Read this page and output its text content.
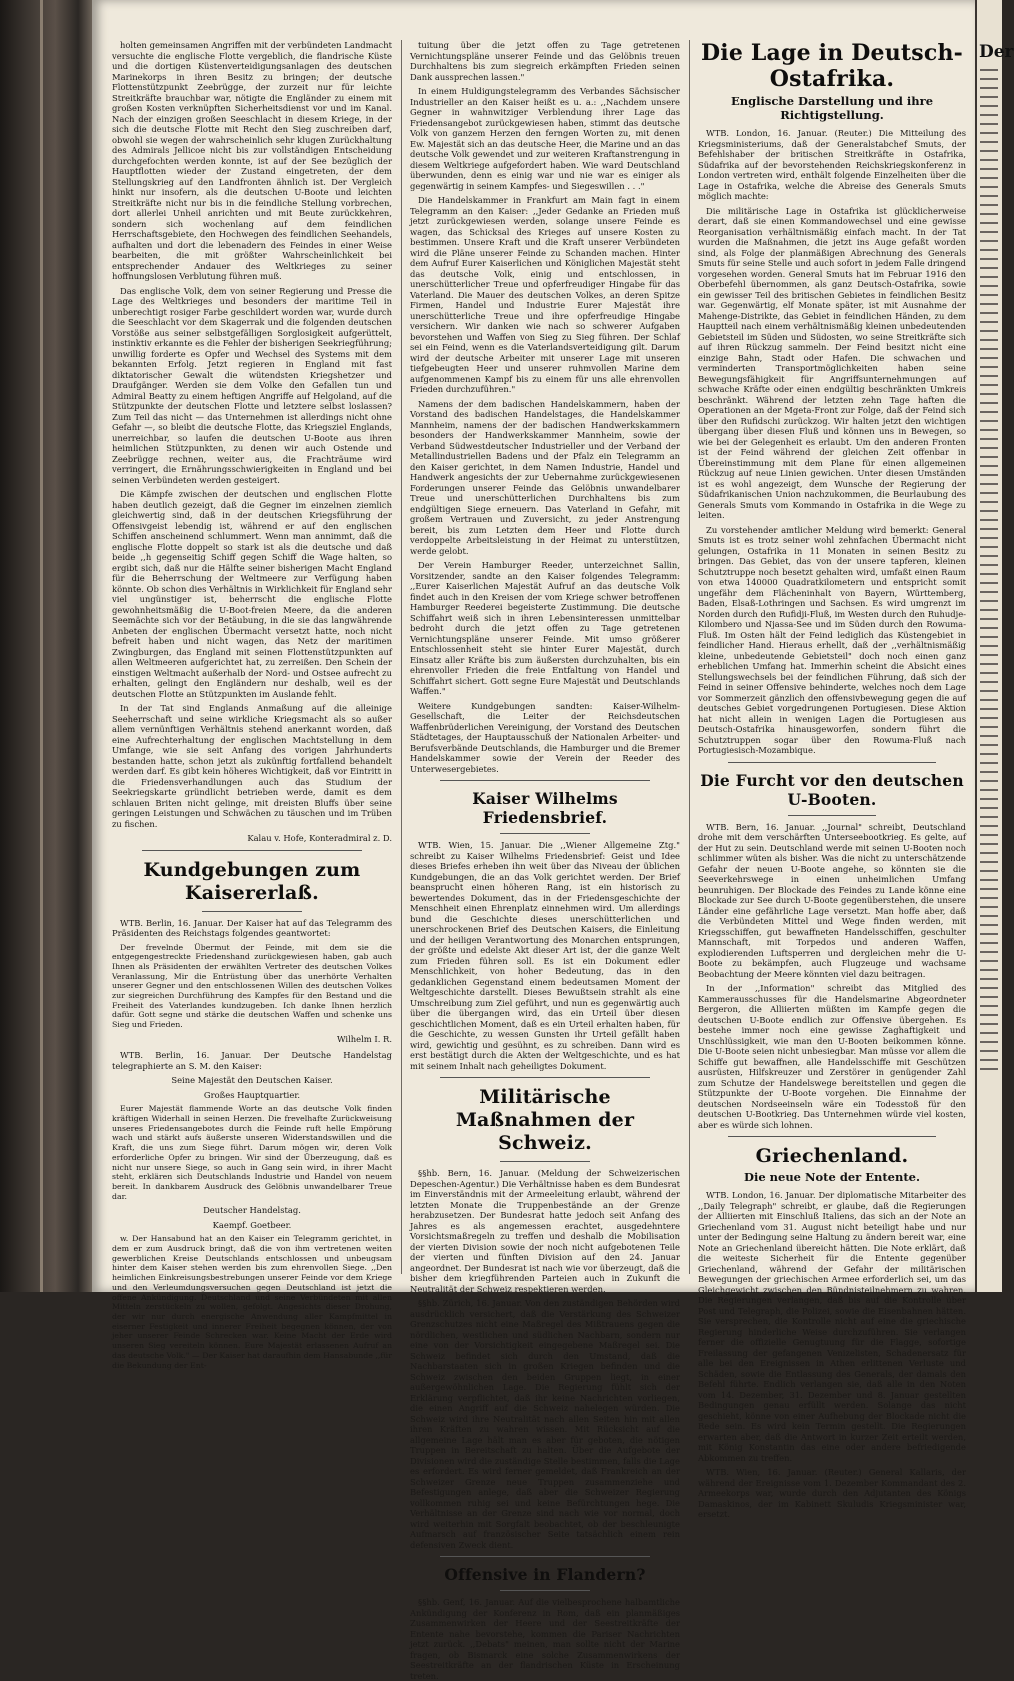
holten gemeinsamen Angriffen mit der verbündeten Landmacht versuchte die englische Flotte vergeblich, die flandrische Küste und die dortigen Küstenverteidigungsanlagen des deutschen Marinekorps in ihren Besitz zu bringen; der deutsche Flottenstützpunkt Zeebrügge, der zurzeit nur für leichte Streitkräfte brauchbar war, nötigte die Engländer zu einem mit großen Kosten verknüpften Sicherheitsdienst vor und im Kanal. Nach der einzigen großen Seeschlacht in diesem Kriege, in der sich die deutsche Flotte mit Recht den Sieg zuschreiben darf, obwohl sie wegen der wahrscheinlich sehr klugen Zurückhaltung des Admirals Jellicoe nicht bis zur vollständigen Entscheidung durchgefochten werden konnte, ist auf der See bezüglich der Hauptflotten wieder der Zustand eingetreten, der dem Stellungskrieg auf den Landfronten ähnlich ist. Der Vergleich hinkt nur insofern, als die deutschen U-Boote und leichten Streitkräfte nicht nur bis in die feindliche Stellung vorbrechen, dort allerlei Unheil anrichten und mit Beute zurückkehren, sondern sich wochenlang auf dem feindlichen Herrschaftsgebiete, den Hochwegen des feindlichen Seehandels, aufhalten und dort die lebenadern des Feindes in einer Weise bearbeiten, die mit größter Wahrscheinlichkeit bei entsprechender Andauer des Weltkrieges zu seiner hoffnungslosen Verblutung führen muß.

Das englische Volk, dem von seiner Regierung und Presse die Lage des Weltkrieges und besonders der maritime Teil in unberechtigt rosiger Farbe geschildert worden war, wurde durch die Seeschlacht vor dem Skagerrak und die folgenden deutschen Vorstöße aus seiner selbstgefälligen Sorglosigkeit aufgerüttelt, instinktiv erkannte es die Fehler der bisherigen Seekriegführung; unwillig forderte es Opfer und Wechsel des Systems mit dem bekannten Erfolg. Jetzt regieren in England mit fast diktatorischer Gewalt die wütendsten Kriegshetzer und Draufgänger. Werden sie dem Volke den Gefallen tun und Admiral Beatty zu einem heftigen Angriffe auf Helgoland, auf die Stützpunkte der deutschen Flotte und letztere selbst loslassen? Zum Teil das nicht — das Unternehmen ist allerdings nicht ohne Gefahr —, so bleibt die deutsche Flotte, das Kriegsziel Englands, unerreichbar, so laufen die deutschen U-Boote aus ihren heimlichen Stützpunkten, zu denen wir auch Ostende und Zeebrügge rechnen, weiter aus, die Frachträume wird verringert, die Ernährungsschwierigkeiten in England und bei seinen Verbündeten werden gesteigert.

Die Kämpfe zwischen der deutschen und englischen Flotte haben deutlich gezeigt, daß die Gegner im einzelnen ziemlich gleichwertig sind, daß in der deutschen Kriegsführung der Offensivgeist lebendig ist, während er auf den englischen Schiffen anscheinend schlummert. Wenn man annimmt, daß die englische Flotte doppelt so stark ist als die deutsche und daß beide ,,h gegenseitig Schiff gegen Schiff die Wage halten, so ergibt sich, daß nur die Hälfte seiner bisherigen Macht England für die Beherrschung der Weltmeere zur Verfügung haben könnte. Ob schon dies Verhältnis in Wirklichkeit für England sehr viel ungünstiger ist, beherrscht die englische Flotte gewohnheitsmäßig die U-Boot-freien Meere, da die anderen Seemächte sich vor der Betäubung, in die sie das langwährende Anbeten der englischen Übermacht versetzt hatte, noch nicht befreit haben und nicht wagen, das Netz der maritimen Zwingburgen, das England mit seinen Flottenstützpunkten auf allen Weltmeeren aufgerichtet hat, zu zerreißen. Den Schein der einstigen Weltmacht außerhalb der Nord- und Ostsee aufrecht zu erhalten, gelingt den Engländern nur deshalb, weil es der deutschen Flotte an Stützpunkten im Auslande fehlt.

In der Tat sind Englands Anmaßung auf die alleinige Seeherrschaft und seine wirkliche Kriegsmacht als so außer allem vernünftigen Verhältnis stehend anerkannt worden, daß eine Aufrechterhaltung der englischen Machtstellung in dem Umfange, wie sie seit Anfang des vorigen Jahrhunderts bestanden hatte, schon jetzt als zukünftig fortfallend behandelt werden darf. Es gibt kein höheres Wichtigkeit, daß vor Eintritt in die Friedensverhandlungen auch das Studium der Seekriegskarte gründlicht betrieben werde, damit es dem schlauen Briten nicht gelinge, mit dreisten Bluffs über seine geringen Leistungen und Schwächen zu täuschen und im Trüben zu fischen.

Kalau v. Hofe, Konteradmiral z. D.

Kundgebungen zum Kaisererlaß.

WTB. Berlin, 16. Januar. Der Kaiser hat auf das Telegramm des Präsidenten des Reichstags folgendes geantwortet:

Der frevelnde Übermut der Feinde, mit dem sie die entgegengestreckte Friedenshand zurückgewiesen haben, gab auch Ihnen als Präsidenten der erwählten Vertreter des deutschen Volkes Veranlassung, Mir die Entrüstung über das unerhörte Verhalten unserer Gegner und den entschlossenen Willen des deutschen Volkes zur siegreichen Durchführung des Kampfes für den Bestand und die Freiheit des Vaterlandes kundzugeben. Ich danke Ihnen herzlich dafür. Gott segne und stärke die deutschen Waffen und schenke uns Sieg und Frieden.

Wilhelm I. R.

WTB. Berlin, 16. Januar. Der Deutsche Handelstag telegraphierte an S. M. den Kaiser:

Seine Majestät den Deutschen Kaiser.

Großes Hauptquartier.

Eurer Majestät flammende Worte an das deutsche Volk finden kräftigen Widerhall in seinen Herzen. Die frevelhafte Zurückweisung unseres Friedensangebotes durch die Feinde ruft helle Empörung wach und stärkt aufs äußerste unseren Widerstandswillen und die Kraft, die uns zum Siege führt. Darum mögen wir, deren Volk erforderliche Opfer zu bringen. Wir sind der Überzeugung, daß es nicht nur unsere Siege, so auch in Gang sein wird, in ihrer Macht steht, erklären sich Deutschlands Industrie und Handel von neuem bereit. In dankbarem Ausdruck des Gelöbnis unwandelbarer Treue dar.

Deutscher Handelstag.

Kaempf. Goetbeer.

w. Der Hansabund hat an den Kaiser ein Telegramm gerichtet, in dem er zum Ausdruck bringt, daß die von ihm vertretenen weiten gewerblichen Kreise Deutschlands entschlossen und unbeugsam hinter dem Kaiser stehen werden bis zum ehrenvollen Siege. ,,Den heimlichen Einkreisungsbestrebungen unserer Feinde vor dem Kriege und den Verleumdungsversuchen gegen Deutschland ist jetzt die offene Ankündigung. Deutschland und seine Verbündeten mit allen Mitteln zerstückeln zu wollen, gefolgt. Angesichts dieser Drohung, der wir nur durch energische Anwendung aller Kampfmittel in eiserner Festigkeit und innerer Freiheit begegnen können, der von jeher unserer Feinde Schrecken war. Keine Macht der Erde wird unseren Sieg vereiteln können. Eure Majestät erlassenen Aufruf an das deutsche Volk." — Der Kaiser hat daraufhin dem Hansabunde ,,für die Bekundung der Ent-

tuitung über die jetzt offen zu Tage getretenen Vernichtungspläne unserer Feinde und das Gelöbnis treuen Durchhaltens bis zum siegreich erkämpften Frieden seinen Dank aussprechen lassen."

In einem Huldigungstelegramm des Verbandes Sächsischer Industrieller an den Kaiser heißt es u. a.: ,,Nachdem unsere Gegner in wahnwitziger Verblendung ihrer Lage das Friedensangebot zurückgewiesen haben, stimmt das deutsche Volk von ganzem Herzen den ferngen Worten zu, mit denen Ew. Majestät sich an das deutsche Heer, die Marine und an das deutsche Volk gewendet und zur weiteren Kraftanstrengung in diesem Weltkriege aufgefordert haben. Wie ward Deutschland überwunden, denn es einig war und nie war es einiger als gegenwärtig in seinem Kampfes- und Siegeswillen . . ."

Die Handelskammer in Frankfurt am Main fagt in einem Telegramm an den Kaiser: ,,Jeder Gedanke an Frieden muß jetzt zurückgewiesen werden, solange unsere Feinde es wagen, das Schicksal des Krieges auf unsere Kosten zu bestimmen. Unsere Kraft und die Kraft unserer Verbündeten wird die Pläne unserer Feinde zu Schanden machen. Hinter dem Aufruf Eurer Kaiserlichen und Königlichen Majestät steht das deutsche Volk, einig und entschlossen, in unerschütterlicher Treue und opferfreudiger Hingabe für das Vaterland. Die Mauer des deutschen Volkes, an deren Spitze Firmen, Handel und Industrie Eurer Majestät ihre unerschütterliche Treue und ihre opferfreudige Hingabe versichern. Wir danken wie nach so schwerer Aufgaben bevorstehen und Waffen von Sieg zu Sieg führen. Der Schlaf sei ein Feind, wenn es die Vaterlandsverteidigung gilt. Darum wird der deutsche Arbeiter mit unserer Lage mit unseren tiefgebeugten Heer und unserer ruhmvollen Marine dem aufgenommenen Kampf bis zu einem für uns alle ehrenvollen Frieden durchzuführen."

Namens der dem badischen Handelskammern, haben der Vorstand des badischen Handelstages, die Handelskammer Mannheim, namens der der badischen Handwerkskammern besonders der Handwerkskammer Mannheim, sowie der Verband Südwestdeutscher Industrieller und der Verband der Metallindustriellen Badens und der Pfalz ein Telegramm an den Kaiser gerichtet, in dem Namen Industrie, Handel und Handwerk angesichts der zur Uebernahme zurückgewiesenen Forderungen unserer Feinde das Gelöbnis unwandelbarer Treue und unerschütterlichen Durchhaltens bis zum endgültigen Siege erneuern. Das Vaterland in Gefahr, mit großem Vertrauen und Zuversicht, zu jeder Anstrengung bereit, bis zum Letzten dem Heer und Flotte durch verdoppelte Arbeitsleistung in der Heimat zu unterstützen, werde gelobt.

Der Verein Hamburger Reeder, unterzeichnet Sallin, Vorsitzender, sandte an den Kaiser folgendes Telegramm: ,,Eurer Kaiserlichen Majestät Aufruf an das deutsche Volk findet auch in den Kreisen der vom Kriege schwer betroffenen Hamburger Reederei begeisterte Zustimmung. Die deutsche Schiffahrt weiß sich in ihren Lebensinteressen unmittelbar bedroht durch die jetzt offen zu Tage getretenen Vernichtungspläne unserer Feinde. Mit umso größerer Entschlossenheit steht sie hinter Eurer Majestät, durch Einsatz aller Kräfte bis zum äußersten durchzuhalten, bis ein ehrenvoller Frieden die freie Entfaltung von Handel und Schiffahrt sichert. Gott segne Eure Majestät und Deutschlands Waffen."

Weitere Kundgebungen sandten: Kaiser-Wilhelm-Gesellschaft, die Leiter der Reichsdeutschen Waffenbrüderlichen Vereinigung, der Vorstand des Deutschen Städtetages, der Hauptausschuß der Nationalen Arbeiter- und Berufsverbände Deutschlands, die Hamburger und die Bremer Handelskammer sowie der Verein der Reeder des Unterwesergebietes.

Kaiser Wilhelms Friedensbrief.

WTB. Wien, 15. Januar. Die ,,Wiener Allgemeine Ztg." schreibt zu Kaiser Wilhelms Friedensbrief: Geist und Idee dieses Briefes erheben ihn weit über das Niveau der üblichen Kundgebungen, die an das Volk gerichtet werden. Der Brief beansprucht einen höheren Rang, ist ein historisch zu bewertendes Dokument, das in der Friedensgeschichte der Menschheit einen Ehrenplatz einnehmen wird. Um allerdings bund die Geschichte dieses unerschütterlichen und unerschrockenen Brief des Deutschen Kaisers, die Einleitung und der heiligen Verantwortung des Monarchen entsprungen, der größte und edelste Akt dieser Art ist, der die ganze Welt zum Frieden führen soll. Es ist ein Dokument edler Menschlichkeit, von hoher Bedeutung, das in den gedanklichen Gegenstand einem bedeutsamen Moment der Weltgeschichte darstellt. Dieses Bewußtsein strahlt als eine Umschreibung zum Ziel geführt, und nun es gegenwärtig auch über die übergangen wird, das ein Urteil über diesen geschichtlichen Moment, daß es ein Urteil erhalten haben, für die Geschichte, zu wessen Gunsten ihr Urteil gefällt haben wird, gewichtig und gesühnt, es zu schreiben. Dann wird es erst bestätigt durch die Akten der Weltgeschichte, und es hat mit seinem Inhalt nach geheiligtes Dokument.

Militärische Maßnahmen der Schweiz.

§§hb. Bern, 16. Januar. (Meldung der Schweizerischen Depeschen-Agentur.) Die Verhältnisse haben es dem Bundesrat im Einverständnis mit der Armeeleitung erlaubt, während der letzten Monate die Truppenbestände an der Grenze herabzusetzen. Der Bundesrat hatte jedoch seit Anfang des Jahres es als angemessen erachtet, ausgedehntere Vorsichtsmaßregeln zu treffen und deshalb die Mobilisation der vierten Division sowie der noch nicht aufgebotenen Teile der vierten und fünften Division auf den 24. Januar angeordnet. Der Bundesrat ist nach wie vor überzeugt, daß die bisher dem kriegführenden Parteien auch in Zukunft die Neutralität der Schweiz respektieren werden.

§§hb. Zürich, 16. Januar. Von den zuständigen Behörden wird ausdrücklich versichert, daß die Verstärkung des Schweizer Grenzschutzes nicht eine Maßregel des Mißtrauens gegen die nördlichen, westlichen und südlichen Nachbarn, sondern nur eine von der Vorsichtigkeit eingegebene Maßregel sei. Die Schweiz befindet sich durch den Umstand, daß die Nachbarstaaten sich in großen Kriegen befinden und die Schweiz zwischen den beiden Gruppen liegt, in einer außergewöhnlichen Lage. Die Regierung fühlt sich der Erklärung verpflichtet, daß ihr keine Nachrichten vorliegen, die einen Angriff auf die Schweiz nahelegen würden. Die Schweiz wird ihre Neutralität nach allen Seiten hin mit allen ihren Kräften zu wahren wissen. Mit Rücksicht auf die allgemeine Lage hält man es aber für geboten, die nötigen Truppen in Bereitschaft zu halten. Über die Aufgebote der Divisionen wird die zuständige Stelle bestimmen, falls die Lage es erfordert. Es wird ferner gemeldet, daß Frankreich an der Schweizer Grenze neue Truppen zusammenziehe und Befestigungen anlege, daß aber die Schweizer Regierung vollkommen ruhig sei und keine Befürchtungen hege. Die Verhältnisse an der Grenze sind nach wie vor normal, doch wird weiterhin mit Sorgfalt beobachtet, ob der beschleunigte Aufmarsch auf französischer Seite tatsächlich einem rein defensiven Zweck dient.

Offensive in Flandern?

§§hb. Genf, 16. Januar. Auf die vielbesprochene halbamtliche Ankündigung der Konferenz in Rom, daß ein planmäßiges Zusammenwirken der Heere und der Seestreitkräfte der Entente nahe bevorstehe, kommen die Pariser Nachrichten jetzt zurück. ,,Debats" meinen, man sollte nicht der Marine fragen, ob Bismarck eine solche Zusammenwirkens der Seestreitkräfte an der flandrischen Küste in Erscheinung treten.

Die Lage in Deutsch-Ostafrika.
Englische Darstellung und ihre Richtigstellung.

WTB. London, 16. Januar. (Reuter.) Die Mitteilung des Kriegsministeriums, daß der Generalstabchef Smuts, der Befehlshaber der britischen Streitkräfte in Ostafrika, Südafrika auf der bevorstehenden Reichskriegskonferenz in London vertreten wird, enthält folgende Einzelheiten über die Lage in Ostafrika, welche die Abreise des Generals Smuts möglich machte:

Die militärische Lage in Ostafrika ist glücklicherweise derart, daß sie einen Kommandowechsel und eine gewisse Reorganisation verhältnismäßig einfach macht. In der Tat wurden die Maßnahmen, die jetzt ins Auge gefaßt worden sind, als Folge der planmäßigen Abrechnung des Generals Smuts für seine Stelle und auch sofort in jedem Falle dringend vorgesehen worden. General Smuts hat im Februar 1916 den Oberbefehl übernommen, als ganz Deutsch-Ostafrika, sowie ein gewisser Teil des britischen Gebietes in feindlichen Besitz war. Gegenwärtig, elf Monate später, ist mit Ausnahme der Mahenge-Distrikte, das Gebiet in feindlichen Händen, zu dem Hauptteil nach einem verhältnismäßig kleinen unbedeutenden Gebietsteil im Süden und Südosten, wo seine Streitkräfte sich auf ihren Rückzug sammeln. Der Feind besitzt nicht eine einzige Bahn, Stadt oder Hafen. Die schwachen und verminderten Transportmöglichkeiten haben seine Bewegungsfähigkeit für Angriffsunternehmungen auf schwache Kräfte oder einen endgültig beschränkten Umkreis beschränkt. Während der letzten zehn Tage haften die Operationen an der Mgeta-Front zur Folge, daß der Feind sich über den Rufidschi zurückzog. Wir halten jetzt den wichtigen übergang über diesen Fluß und können uns in Bewegen, so wie bei der Gelegenheit es erlaubt. Um den anderen Fronten ist der Feind während der gleichen Zeit offenbar in Übereinstimmung mit dem Plane für einen allgemeinen Rückzug auf neue Linien gewichen. Unter diesen Umständen ist es wohl angezeigt, dem Wunsche der Regierung der Südafrikanischen Union nachzukommen, die Beurlaubung des Generals Smuts vom Kommando in Ostafrika in die Wege zu leiten.

Zu vorstehender amtlicher Meldung wird bemerkt: General Smuts ist es trotz seiner wohl zehnfachen Übermacht nicht gelungen, Ostafrika in 11 Monaten in seinen Besitz zu bringen. Das Gebiet, das von der unsere tapferen, kleinen Schutztruppe noch besetzt gehalten wird, umfaßt einen Raum von etwa 140000 Quadratkilometern und entspricht somit ungefähr dem Flächeninhalt von Bayern, Württemberg, Baden, Elsaß-Lothringen und Sachsen. Es wird umgrenzt im Norden durch den Rufidji-Fluß, im Westen durch den Ruhudje-Kilombero und Njassa-See und im Süden durch den Rowuma-Fluß. Im Osten hält der Feind lediglich das Küstengebiet in feindlicher Hand. Hieraus erhellt, daß der ,,verhältnismäßig kleine, unbedeutende Gebietsteil" doch noch einen ganz erheblichen Umfang hat. Immerhin scheint die Absicht eines Stellungswechsels bei der feindlichen Führung, daß sich der Feind in seiner Offensive behinderte, welches noch dem Lage vor Sommerzeit gänzlich den offensivbewegung gegen die auf deutsches Gebiet vorgedrungenen Portugiesen. Diese Aktion hat nicht allein in wenigen Lagen die Portugiesen aus Deutsch-Ostafrika hinausgeworfen, sondern führt die Schutztruppen sogar über den Rowuma-Fluß nach Portugiesisch-Mozambique.

Die Furcht vor den deutschen U-Booten.

WTB. Bern, 16. Januar. ,,Journal" schreibt, Deutschland drohe mit dem verschärften Unterseebootkrieg. Es gelte, auf der Hut zu sein. Deutschland werde mit seinen U-Booten noch schlimmer wüten als bisher. Was die nicht zu unterschätzende Gefahr der neuen U-Boote angehe, so könnten sie die Seeverkehrswege in einen unheimlichen Umfang beunruhigen. Der Blockade des Feindes zu Lande könne eine Blockade zur See durch U-Boote gegenüberstehen, die unsere Länder eine gefährliche Lage versetzt. Man hoffe aber, daß die Verbündeten Mittel und Wege finden werden, mit Kriegsschiffen, gut bewaffneten Handelsschiffen, geschulter Mannschaft, mit Torpedos und anderen Waffen, explodierenden Luftsperren und dergleichen mehr die U-Boote zu bekämpfen, auch Flugzeuge und wachsame Beobachtung der Meere könnten viel dazu beitragen.

In der ,,Information" schreibt das Mitglied des Kammerausschusses für die Handelsmarine Abgeordneter Bergeron, die Alliierten müßten im Kampfe gegen die deutschen U-Boote endlich zur Offensive übergehen. Es bestehe immer noch eine gewisse Zaghaftigkeit und Unschlüssigkeit, wie man den U-Booten beikommen könne. Die U-Boote seien nicht unbesiegbar. Man müsse vor allem die Schiffe gut bewaffnen, alle Handelsschiffe mit Geschützen ausrüsten, Hilfskreuzer und Zerstörer in genügender Zahl zum Schutze der Handelswege bereitstellen und gegen die Stützpunkte der U-Boote vorgehen. Die Einnahme der deutschen Nordseeinseln wäre ein Todesstoß für den deutschen U-Bootkrieg. Das Unternehmen würde viel kosten, aber es würde sich lohnen.

Griechenland.
Die neue Note der Entente.

WTB. London, 16. Januar. Der diplomatische Mitarbeiter des ,,Daily Telegraph" schreibt, er glaube, daß die Regierungen der Alliierten mit Einschluß Italiens, das sich an der Note an Griechenland vom 31. August nicht beteiligt habe und nur unter der Bedingung seine Haltung zu ändern bereit war, eine Note an Griechenland übereicht hätten. Die Note erklärt, daß die weiteste Sicherheit für die Entente gegenüber Griechenland, während der Gefahr der militärischen Bewegungen der griechischen Armee erforderlich sei, um das Gleichgewicht zwischen den Bündnisteilnehmern zu wahren. Die Regierungen verlangen, daß bis auf die Kontrolle über Post und Telegraph, die Polizei, sowie die Eisenbahnen hätten. Sie versprechen, die Kontrolle nicht auf eine die griechische Regierung hinderliche Weise durchzuführen. Sie verlangen ferner die offizielle Genugtuung für die Flagge, sofortige Freilassung der gefangenen Venizelisten, Schadenersatz für alle bei den Ereignissen in Athen erlittenen Verluste und Schäden, sowie die Entlassung des Generals, der damals den Befehl führte. Endlich verlangen sie, daß alle in den Noten vom 14. Dezember, 31. Dezember und 8. Januar gestellten Bedingungen genau erfüllt werden. Solange das nicht geschieht, könne von einer Aufhebung der Blockade nicht die Rede sein. Es wird kein Termin gestellt. Die Regierungen erwarten aber, daß die Antwort in kurzer Zeit erteilt werden, mit König Konstantin das eine oder andere befriedigende Abkommen zu treffen.

WTB. Wien, 16. Januar. (Reuter.) General Kallaris, der während der Ereignisse vom 1. Dezember Kommandant des 2. Armeekorps war, wurde durch den Adjutanten des Königs Damaskinos, der im Kabinett Skuludis Kriegsminister war, ersetzt.

Der
